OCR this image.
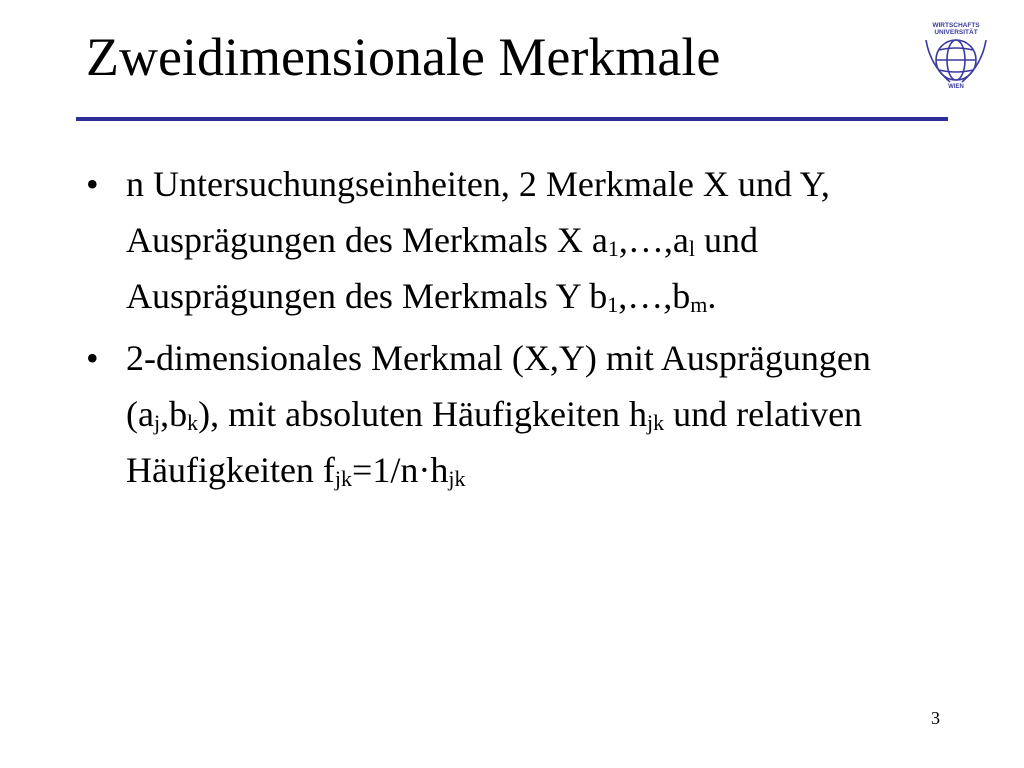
Zweidimensionale Merkmale
WIRTSCHAFTS
UNIVERSITÄT
WIEN
• n Untersuchungseinheiten, 2 Merkmale X und Y, Ausprägungen des Merkmals X $a_1,\dots,a_l$ und Ausprägungen des Merkmals Y $b_1,\dots,b_m$.
• 2-dimensionales Merkmal (X,Y) mit Ausprägungen $(a_j,b_k)$, mit absoluten Häufigkeiten $h_{jk}$ und relativen Häufigkeiten $f_{jk}=1/n\cdot h_{jk}$
3
